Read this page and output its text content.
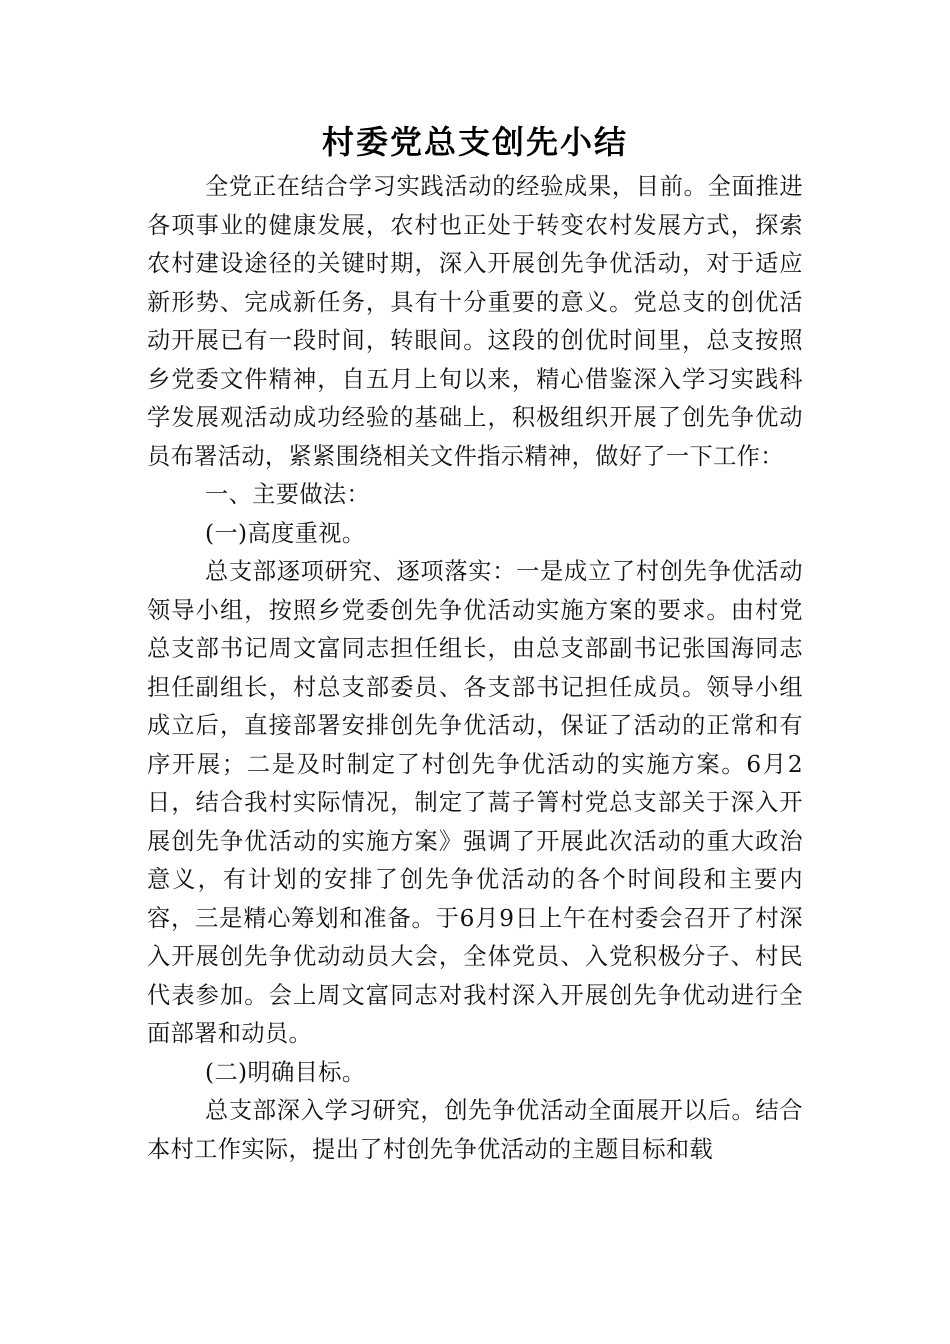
村委党总支创先小结

全党正在结合学习实践活动的经验成果，目前。全面推进各项事业的健康发展，农村也正处于转变农村发展方式，探索农村建设途径的关键时期，深入开展创先争优活动，对于适应新形势、完成新任务，具有十分重要的意义。党总支的创优活动开展已有一段时间，转眼间。这段的创优时间里，总支按照乡党委文件精神，自五月上旬以来，精心借鉴深入学习实践科学发展观活动成功经验的基础上，积极组织开展了创先争优动员布署活动，紧紧围绕相关文件指示精神，做好了一下工作：

一、主要做法：

(一)高度重视。

总支部逐项研究、逐项落实：一是成立了村创先争优活动领导小组，按照乡党委创先争优活动实施方案的要求。由村党总支部书记周文富同志担任组长，由总支部副书记张国海同志担任副组长，村总支部委员、各支部书记担任成员。领导小组成立后，直接部署安排创先争优活动，保证了活动的正常和有序开展；二是及时制定了村创先争优活动的实施方案。6月2日，结合我村实际情况，制定了蒿子箐村党总支部关于深入开展创先争优活动的实施方案》强调了开展此次活动的重大政治意义，有计划的安排了创先争优活动的各个时间段和主要内容，三是精心筹划和准备。于6月9日上午在村委会召开了村深入开展创先争优动动员大会，全体党员、入党积极分子、村民代表参加。会上周文富同志对我村深入开展创先争优动进行全面部署和动员。

(二)明确目标。

总支部深入学习研究，创先争优活动全面展开以后。结合本村工作实际，提出了村创先争优活动的主题目标和载
